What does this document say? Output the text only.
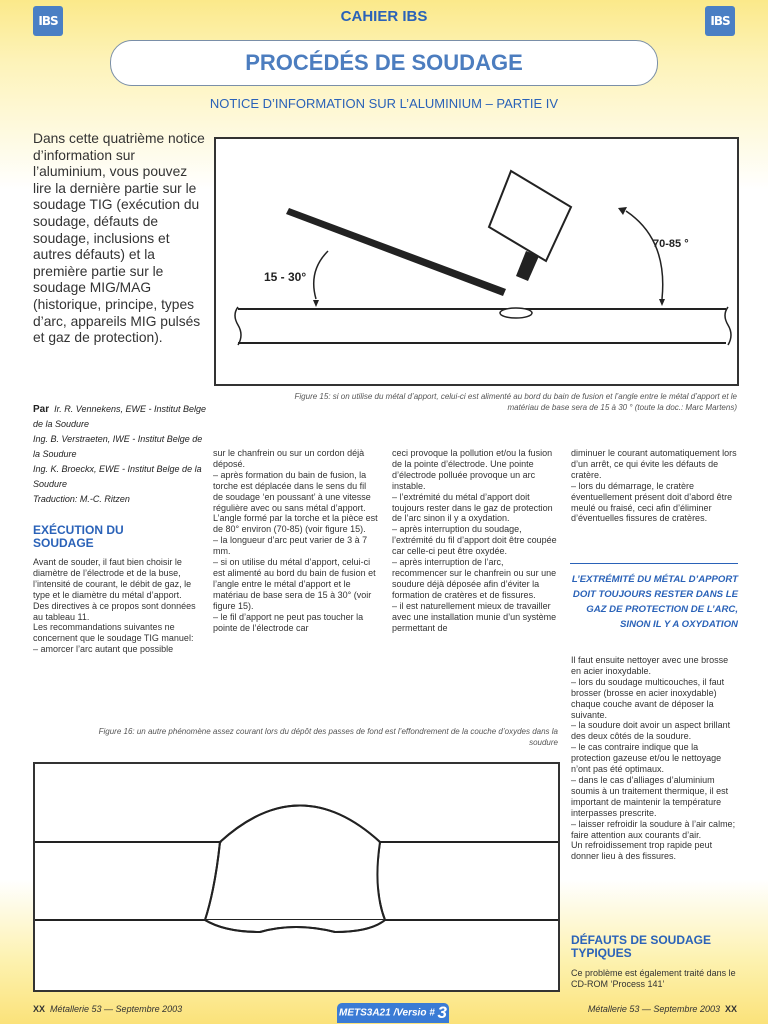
IBS	IBS
CAHIER IBS
PROCÉDÉS DE SOUDAGE
NOTICE D’INFORMATION SUR L’ALUMINIUM – PARTIE IV
Dans cette quatrième notice d’information sur l’aluminium, vous pouvez lire la dernière partie sur le soudage TIG (exécution du soudage, défauts de soudage, inclusions et autres défauts) et la première partie sur le soudage MIG/MAG (historique, principe, types d’arc, appareils MIG pulsés et gaz de protection).
Par Ir. R. Vennekens, EWE - Institut Belge de la Soudure
Ing. B. Verstraeten, IWE - Institut Belge de la Soudure
Ing. K. Broeckx, EWE - Institut Belge de la Soudure
Traduction: M.-C. Ritzen
15 - 30°
70-85 °
Figure 15: si on utilise du métal d’apport, celui-ci est alimenté au bord du bain de fusion et l’angle entre le métal d’apport et le
matériau de base sera de 15 à 30 ° (toute la doc.: Marc Martens)
EXÉCUTION DU
SOUDAGE
Avant de souder, il faut bien choisir le diamètre de l’électrode et de la buse, l’intensité de courant, le débit de gaz, le type et le diamètre du métal d’apport.
Des directives à ce propos sont données au tableau 11.
Les recommandations suivantes ne concernent que le soudage TIG manuel:
– amorcer l’arc autant que possible
sur le chanfrein ou sur un cordon déjà déposé.
– après formation du bain de fusion, la torche est déplacée dans le sens du fil de soudage ‘en poussant’ à une vitesse régulière avec ou sans métal d’apport. L’angle formé par la torche et la pièce est de 80° environ (70-85) (voir figure 15).
– la longueur d’arc peut varier de 3 à 7 mm.
– si on utilise du métal d’apport, celui-ci est alimenté au bord du bain de fusion et l’angle entre le métal d’apport et le matériau de base sera de 15 à 30° (voir figure 15).
– le fil d’apport ne peut pas toucher la pointe de l’électrode car
ceci provoque la pollution et/ou la fusion de la pointe d’électrode. Une pointe d’électrode polluée provoque un arc instable.
– l’extrémité du métal d’apport doit toujours rester dans le gaz de protection de l’arc sinon il y a oxydation.
– après interruption du soudage, l’extrémité du fil d’apport doit être coupée car celle-ci peut être oxydée.
– après interruption de l’arc, recommencer sur le chanfrein ou sur une soudure déjà déposée afin d’éviter la formation de cratères et de fissures.
– il est naturellement mieux de travailler avec une installation munie d’un système permettant de
diminuer le courant automatiquement lors d’un arrêt, ce qui évite les défauts de cratère.
– lors du démarrage, le cratère éventuellement présent doit d’abord être meulé ou fraisé, ceci afin d’éliminer d’éventuelles fissures de cratères.
L’EXTRÉMITÉ DU MÉTAL D’APPORT
DOIT TOUJOURS RESTER DANS LE
GAZ DE PROTECTION DE L’ARC,
SINON IL Y A OXYDATION
Il faut ensuite nettoyer avec une brosse en acier inoxydable.
– lors du soudage multicouches, il faut brosser (brosse en acier inoxydable) chaque couche avant de déposer la suivante.
– la soudure doit avoir un aspect brillant des deux côtés de la soudure.
– le cas contraire indique que la protection gazeuse et/ou le nettoyage n’ont pas été optimaux.
– dans le cas d’alliages d’aluminium soumis à un traitement thermique, il est important de maintenir la température interpasses prescrite.
– laisser refroidir la soudure à l’air calme; faire attention aux courants d’air.
Un refroidissement trop rapide peut donner lieu à des fissures.
DÉFAUTS DE SOUDAGE
TYPIQUES
Ce problème est également traité dans le CD-ROM ‘Process 141’
Figure 16: un autre phénomène assez courant lors du dépôt des passes de fond est l’effondrement de la couche d’oxydes dans la
soudure
XX Métallerie 53 — Septembre 2003	METS3A21 /Versio # 3	Métallerie 53 — Septembre 2003 XX
